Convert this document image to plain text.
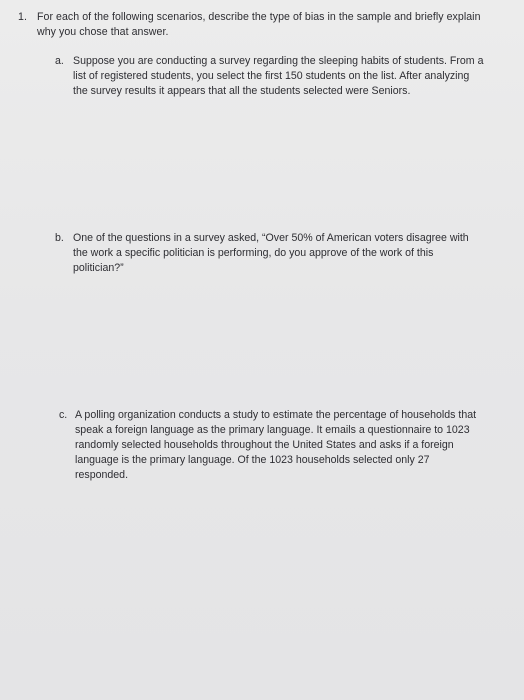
1. For each of the following scenarios, describe the type of bias in the sample and briefly explain
why you chose that answer.
a. Suppose you are conducting a survey regarding the sleeping habits of students. From a
list of registered students, you select the first 150 students on the list. After analyzing
the survey results it appears that all the students selected were Seniors.
b. One of the questions in a survey asked, “Over 50% of American voters disagree with
the work a specific politician is performing, do you approve of the work of this
politician?”
c. A polling organization conducts a study to estimate the percentage of households that
speak a foreign language as the primary language. It emails a questionnaire to 1023
randomly selected households throughout the United States and asks if a foreign
language is the primary language. Of the 1023 households selected only 27
responded.
